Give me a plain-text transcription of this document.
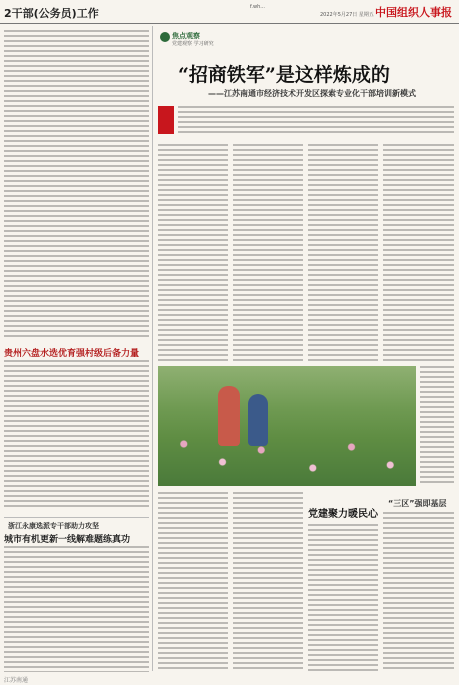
2干部(公务员)工作	f.wh...
2022年5月27日 星期五 中国组织人事报
贵州六盘水选优育强村级后备力量
浙江永康选派专干部助力攻坚
城市有机更新一线解难题练真功
焦点观察
党建观察 学习研究
“招商铁军”是这样炼成的
——江苏南通市经济技术开发区探索专业化干部培训新模式
党建聚力暖民心
“三区”强即基层
江苏南通
